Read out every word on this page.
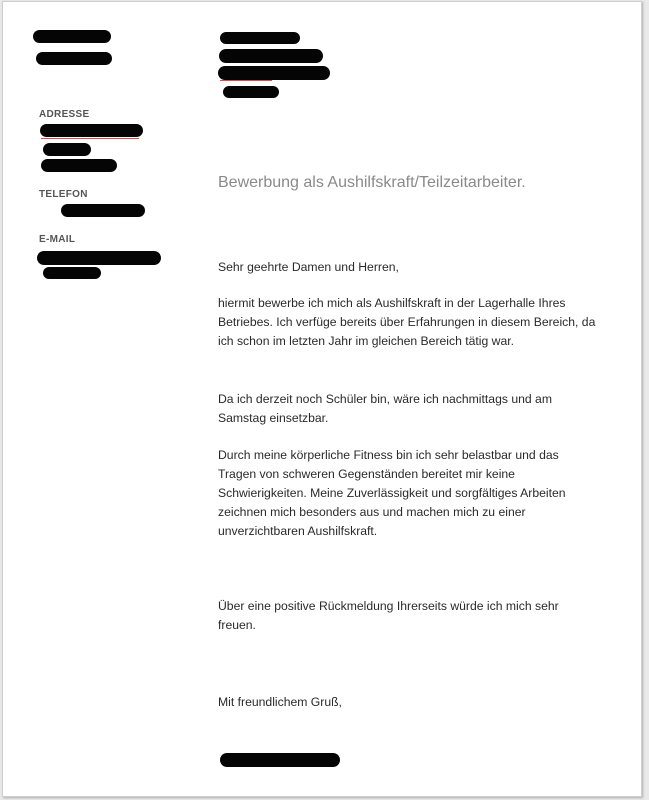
ADRESSE
TELEFON
E-MAIL
Bewerbung als Aushilfskraft/Teilzeitarbeiter.

Sehr geehrte Damen und Herren,

hiermit bewerbe ich mich als Aushilfskraft in der Lagerhalle Ihres Betriebes. Ich verfüge bereits über Erfahrungen in diesem Bereich, da ich schon im letzten Jahr im gleichen Bereich tätig war.

Da ich derzeit noch Schüler bin, wäre ich nachmittags und am Samstag einsetzbar.

Durch meine körperliche Fitness bin ich sehr belastbar und das Tragen von schweren Gegenständen bereitet mir keine Schwierigkeiten. Meine Zuverlässigkeit und sorgfältiges Arbeiten zeichnen mich besonders aus und machen mich zu einer unverzichtbaren Aushilfskraft.

Über eine positive Rückmeldung Ihrerseits würde ich mich sehr freuen.

Mit freundlichem Gruß,
